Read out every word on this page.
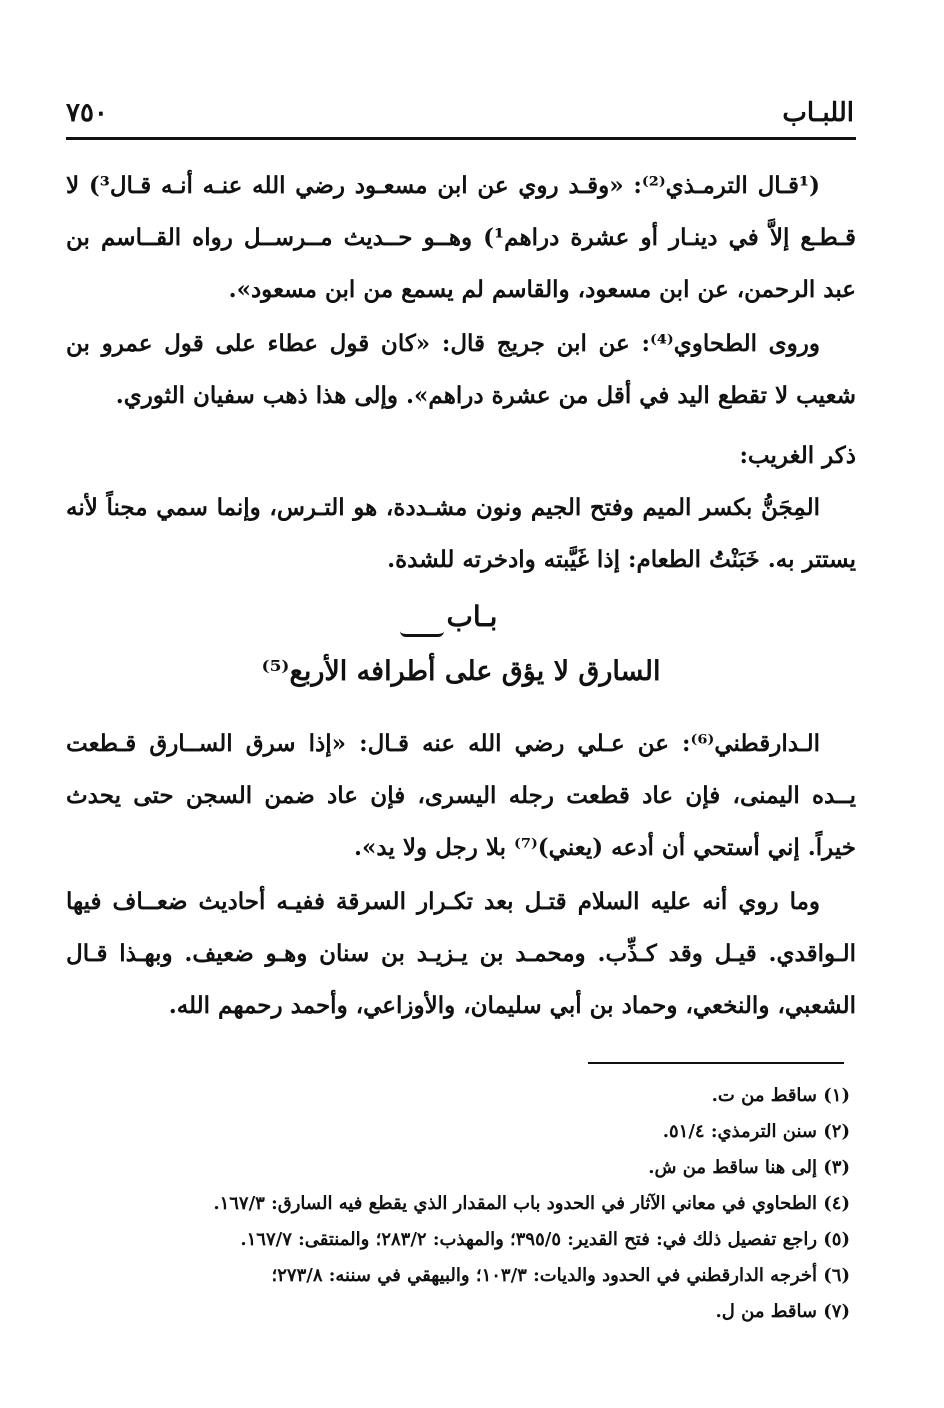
اللبـاب
٧٥٠

(¹قـال الترمـذي⁽²⁾: «وقـد روي عن ابن مسعـود رضي الله عنـه أنـه قـال³) لا قـطـع إلاَّ في دينـار أو عشرة دراهم¹) وهــو حــديث مــرســل رواه القــاسم بن عبد الرحمن، عن ابن مسعود، والقاسم لم يسمع من ابن مسعود».

وروى الطحاوي⁽⁴⁾: عن ابن جريج قال: «كان قول عطاء على قول عمرو بن شعيب لا تقطع اليد في أقل من عشرة دراهم». وإلى هذا ذهب سفيان الثوري.

ذكر الغريب:

المِجَنُّ بكسر الميم وفتح الجيم ونون مشـددة، هو التـرس، وإنما سمي مجناً لأنه يستتر به. خَبَنْتُ الطعام: إذا غَيَّبته وادخرته للشدة.

بـاب
السارق لا يؤق على أطرافه الأربع⁽⁵⁾

الـدارقطني⁽⁶⁾: عن عـلي رضي الله عنه قـال: «إذا سرق الســارق قـطعت يــده اليمنى، فإن عاد قطعت رجله اليسرى، فإن عاد ضمن السجن حتى يحدث خيراً. إني أستحي أن أدعه (يعني)⁽⁷⁾ بلا رجل ولا يد».

وما روي أنه عليه السلام قتـل بعد تكـرار السرقة ففيـه أحاديث ضعــاف فيها الـواقدي. قيـل وقد كـذِّب. ومحمـد بن يـزيـد بن سنان وهـو ضعيف. وبهـذا قـال الشعبي، والنخعي، وحماد بن أبي سليمان، والأوزاعي، وأحمد رحمهم الله.

(١) ساقط من ت.

(٢) سنن الترمذي: ٥١/٤.

(٣) إلى هنا ساقط من ش.

(٤) الطحاوي في معاني الآثار في الحدود باب المقدار الذي يقطع فيه السارق: ١٦٧/٣.

(٥) راجع تفصيل ذلك في: فتح القدير: ٣٩٥/٥؛ والمهذب: ٢٨٣/٢؛ والمنتقى: ١٦٧/٧.

(٦) أخرجه الدارقطني في الحدود والديات: ١٠٣/٣؛ والبيهقي في سننه: ٢٧٣/٨؛

(٧) ساقط من ل.
